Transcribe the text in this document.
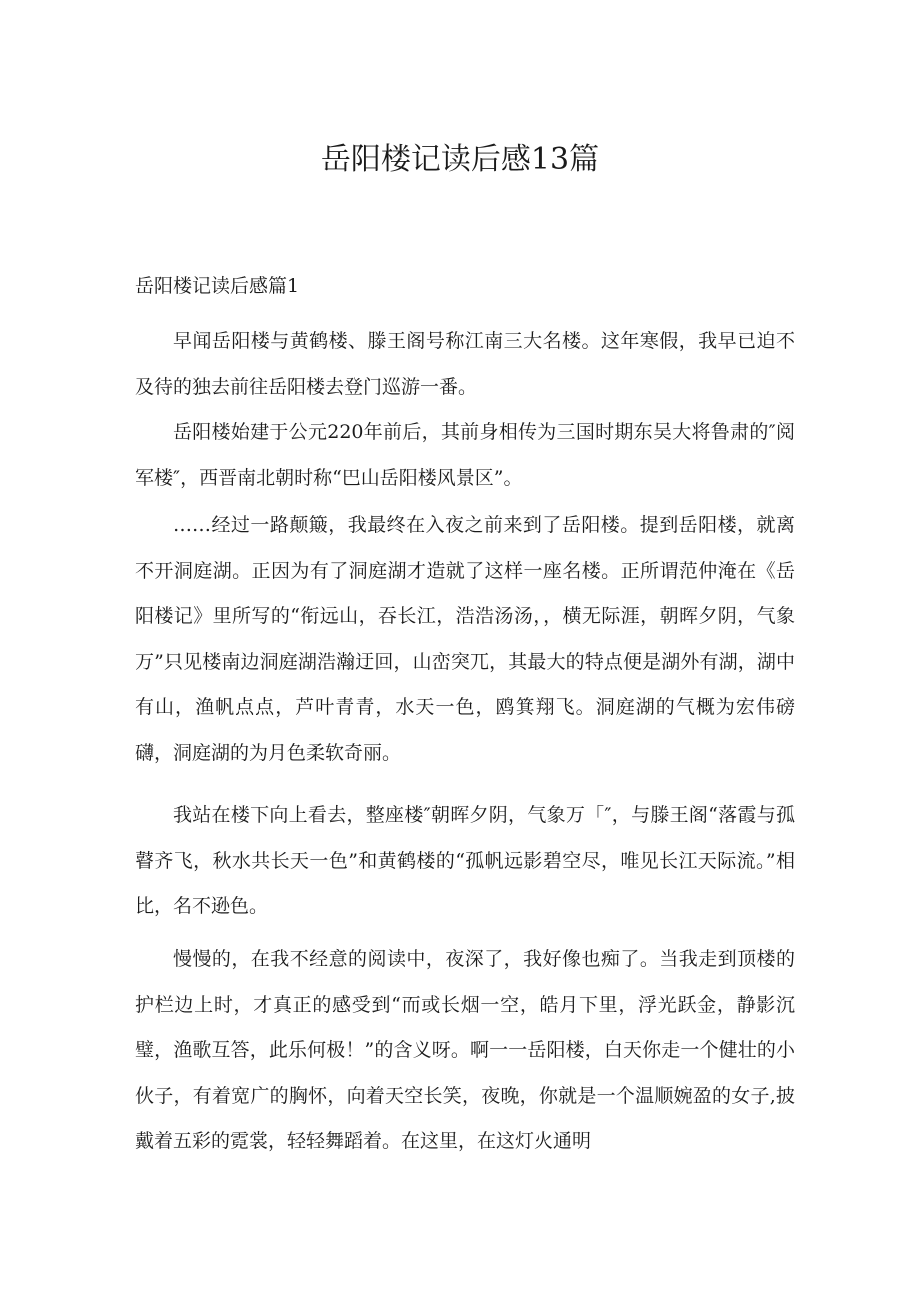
岳阳楼记读后感13篇
岳阳楼记读后感篇1

早闻岳阳楼与黄鹤楼、滕王阁号称江南三大名楼。这年寒假，我早已迫不及待的独去前往岳阳楼去登门巡游一番。

岳阳楼始建于公元220年前后，其前身相传为三国时期东吴大将鲁肃的″阅军楼″，西晋南北朝时称“巴山岳阳楼风景区”。

……经过一路颠簸，我最终在入夜之前来到了岳阳楼。提到岳阳楼，就离不开洞庭湖。正因为有了洞庭湖才造就了这样一座名楼。正所谓范仲淹在《岳阳楼记》里所写的“衔远山，吞长江，浩浩汤汤，，横无际涯，朝晖夕阴，气象万”只见楼南边洞庭湖浩瀚迂回，山峦突兀，其最大的特点便是湖外有湖，湖中有山，渔帆点点，芦叶青青，水天一色，鸥箕翔飞。洞庭湖的气概为宏伟磅礴，洞庭湖的为月色柔软奇丽。

我站在楼下向上看去，整座楼″朝晖夕阴，气象万「″，与滕王阁“落霞与孤瞽齐飞，秋水共长天一色”和黄鹤楼的“孤帆远影碧空尽，唯见长江天际流。”相比，名不逊色。

慢慢的，在我不经意的阅读中，夜深了，我好像也痴了。当我走到顶楼的护栏边上时，才真正的感受到“而或长烟一空，皓月下里，浮光跃金，静影沉璧，渔歌互答，此乐何极！”的含义呀。啊一一岳阳楼，白天你走一个健壮的小伙子，有着宽广的胸怀，向着天空长笑，夜晚，你就是一个温顺婉盈的女子,披戴着五彩的霓裳，轻轻舞蹈着。在这里，在这灯火通明
